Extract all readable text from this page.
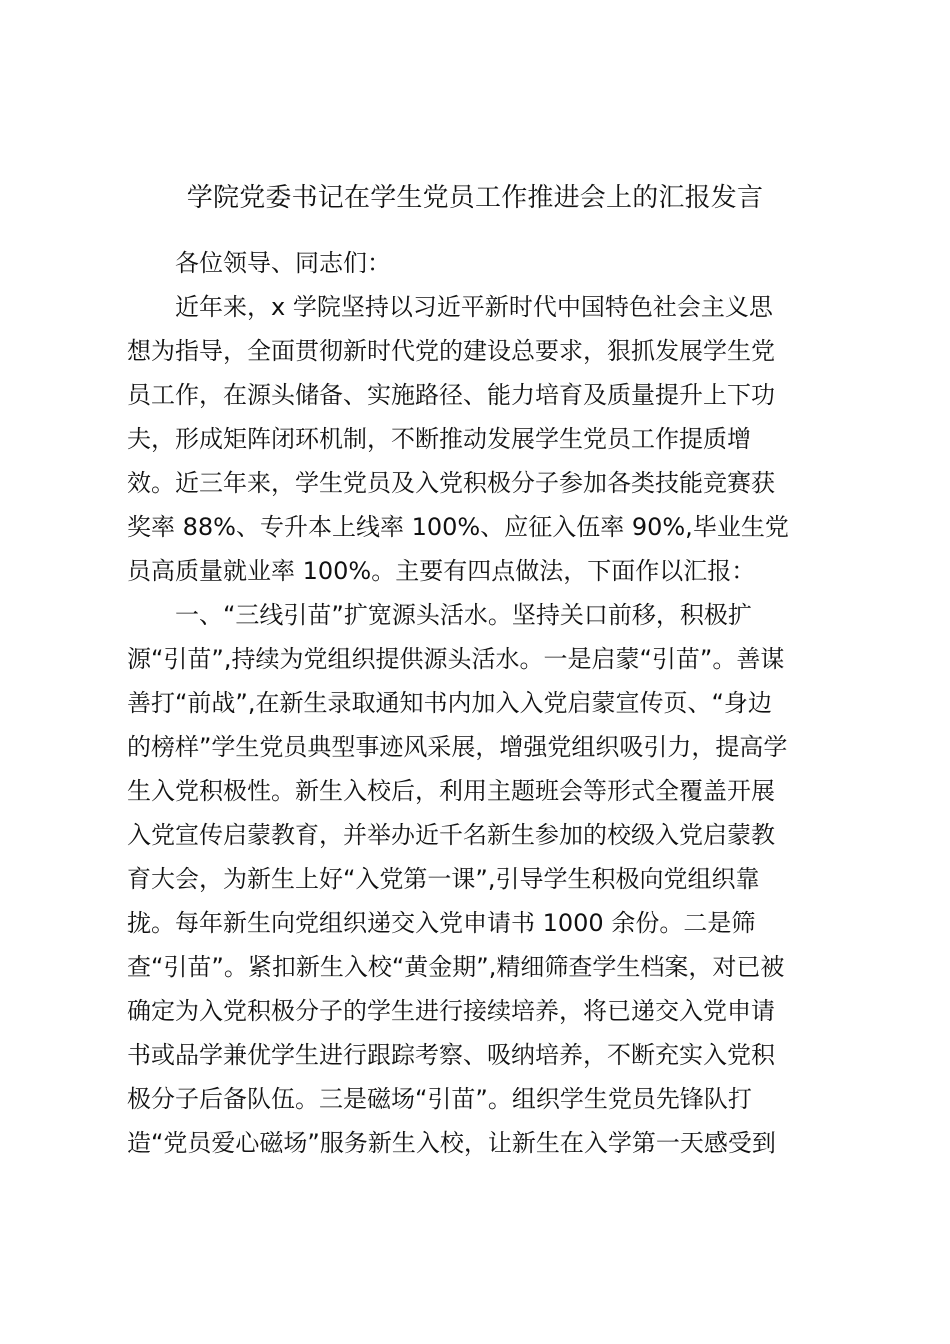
学院党委书记在学生党员工作推进会上的汇报发言

各位领导、同志们：

近年来，x 学院坚持以习近平新时代中国特色社会主义思

想为指导，全面贯彻新时代党的建设总要求，狠抓发展学生党

员工作，在源头储备、实施路径、能力培育及质量提升上下功

夫，形成矩阵闭环机制，不断推动发展学生党员工作提质增

效。近三年来，学生党员及入党积极分子参加各类技能竞赛获

奖率 88%、专升本上线率 100%、应征入伍率 90%,毕业生党

员高质量就业率 100%。主要有四点做法，下面作以汇报：

一、“三线引苗”扩宽源头活水。坚持关口前移，积极扩

源“引苗”,持续为党组织提供源头活水。一是启蒙“引苗”。善谋

善打“前战”,在新生录取通知书内加入入党启蒙宣传页、“身边

的榜样”学生党员典型事迹风采展，增强党组织吸引力，提高学

生入党积极性。新生入校后，利用主题班会等形式全覆盖开展

入党宣传启蒙教育，并举办近千名新生参加的校级入党启蒙教

育大会，为新生上好“入党第一课”,引导学生积极向党组织靠

拢。每年新生向党组织递交入党申请书 1000 余份。二是筛

查“引苗”。紧扣新生入校“黄金期”,精细筛查学生档案，对已被

确定为入党积极分子的学生进行接续培养，将已递交入党申请

书或品学兼优学生进行跟踪考察、吸纳培养，不断充实入党积

极分子后备队伍。三是磁场“引苗”。组织学生党员先锋队打

造“党员爱心磁场”服务新生入校，让新生在入学第一天感受到
